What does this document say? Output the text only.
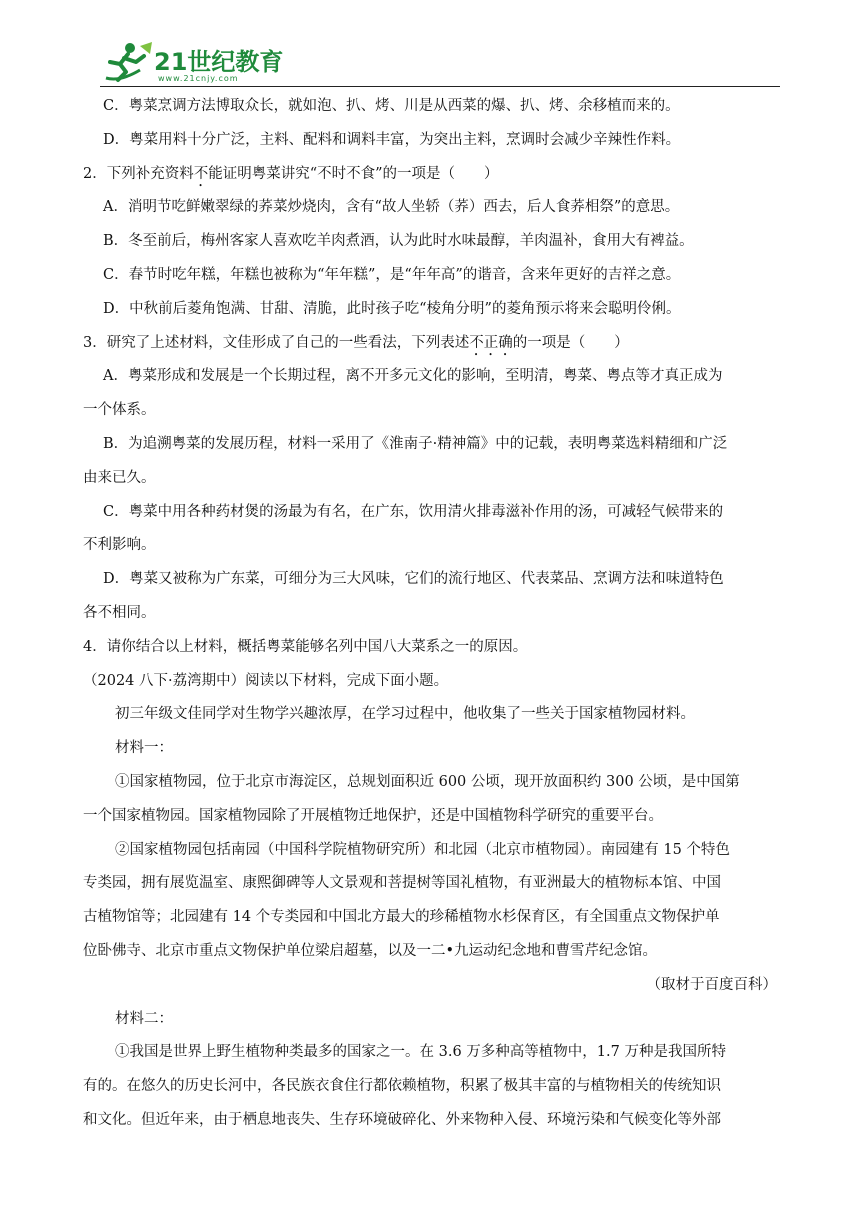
21世纪教育
www.21cnjy.com
C．粤菜烹调方法博取众长，就如泡、扒、烤、川是从西菜的爆、扒、烤、余移植而来的。
D．粤菜用料十分广泛，主料、配料和调料丰富，为突出主料，烹调时会减少辛辣性作料。
2．下列补充资料不能证明粤菜讲究“不时不食”的一项是（　　）
A．消明节吃鲜嫩翠绿的荞菜炒烧肉，含有“故人坐轿（荞）西去，后人食荞相祭”的意思。
B．冬至前后，梅州客家人喜欢吃羊肉煮酒，认为此时水味最醇，羊肉温补，食用大有裨益。
C．春节时吃年糕，年糕也被称为“年年糕”，是“年年高”的谐音，含来年更好的吉祥之意。
D．中秋前后菱角饱满、甘甜、清脆，此时孩子吃“棱角分明”的菱角预示将来会聪明伶俐。
3．研究了上述材料，文佳形成了自己的一些看法，下列表述不正确的一项是（　　）
A．粤菜形成和发展是一个长期过程，离不开多元文化的影响，至明清，粤菜、粤点等才真正成为
一个体系。
B．为追溯粤菜的发展历程，材料一采用了《淮南子·精神篇》中的记载，表明粤菜选料精细和广泛
由来已久。
C．粤菜中用各种药材煲的汤最为有名，在广东，饮用清火排毒滋补作用的汤，可减轻气候带来的
不利影响。
D．粤菜又被称为广东菜，可细分为三大风味，它们的流行地区、代表菜品、烹调方法和味道特色
各不相同。
4．请你结合以上材料，概括粤菜能够名列中国八大菜系之一的原因。
（2024 八下·荔湾期中）阅读以下材料，完成下面小题。
初三年级文佳同学对生物学兴趣浓厚，在学习过程中，他收集了一些关于国家植物园材料。
材料一：
①国家植物园，位于北京市海淀区，总规划面积近 600 公顷，现开放面积约 300 公顷，是中国第
一个国家植物园。国家植物园除了开展植物迁地保护，还是中国植物科学研究的重要平台。
②国家植物园包括南园（中国科学院植物研究所）和北园（北京市植物园）。南园建有 15 个特色
专类园，拥有展览温室、康熙御碑等人文景观和菩提树等国礼植物，有亚洲最大的植物标本馆、中国
古植物馆等；北园建有 14 个专类园和中国北方最大的珍稀植物水杉保育区，有全国重点文物保护单
位卧佛寺、北京市重点文物保护单位梁启超墓，以及一二•九运动纪念地和曹雪芹纪念馆。
（取材于百度百科）
材料二：
①我国是世界上野生植物种类最多的国家之一。在 3.6 万多种高等植物中，1.7 万种是我国所特
有的。在悠久的历史长河中，各民族衣食住行都依赖植物，积累了极其丰富的与植物相关的传统知识
和文化。但近年来，由于栖息地丧失、生存环境破碎化、外来物种入侵、环境污染和气候变化等外部
